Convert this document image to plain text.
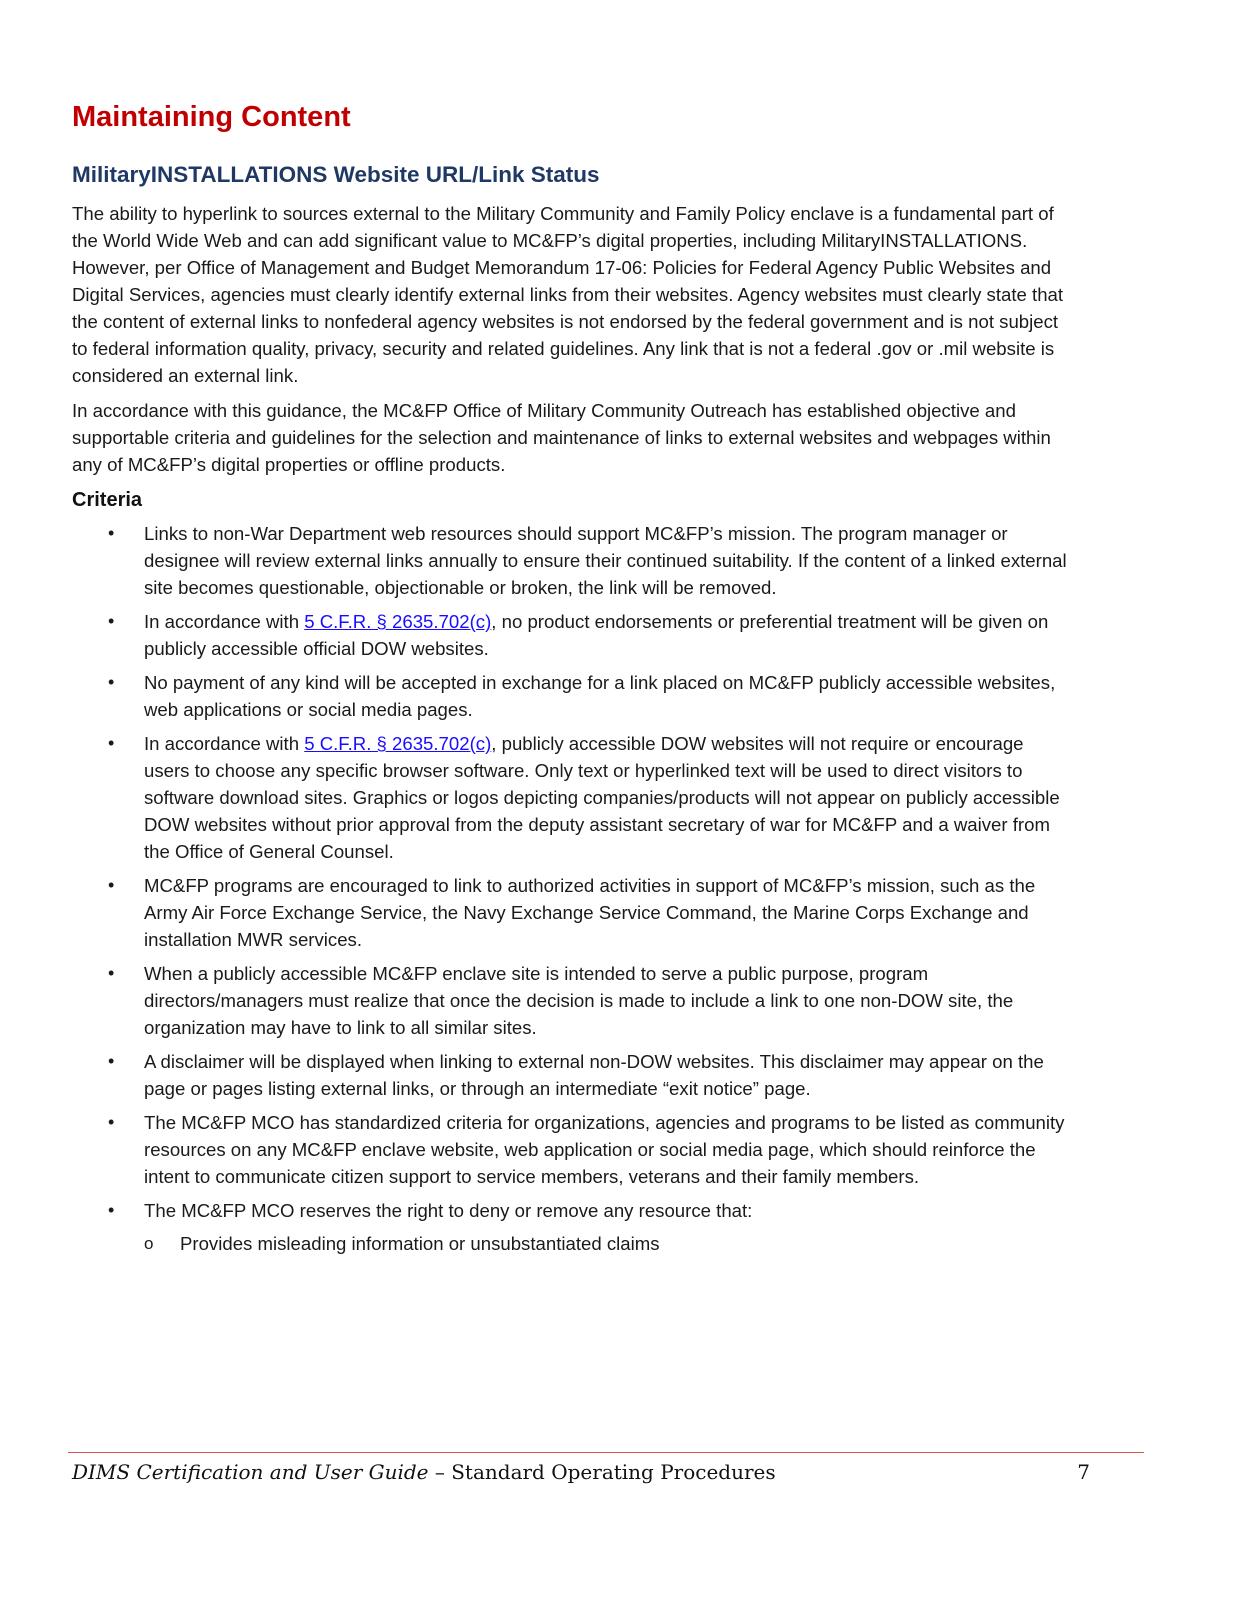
Maintaining Content
MilitaryINSTALLATIONS Website URL/Link Status

The ability to hyperlink to sources external to the Military Community and Family Policy enclave is a fundamental part of the World Wide Web and can add significant value to MC&FP’s digital properties, including MilitaryINSTALLATIONS. However, per Office of Management and Budget Memorandum 17-06: Policies for Federal Agency Public Websites and Digital Services, agencies must clearly identify external links from their websites. Agency websites must clearly state that the content of external links to nonfederal agency websites is not endorsed by the federal government and is not subject to federal information quality, privacy, security and related guidelines. Any link that is not a federal .gov or .mil website is considered an external link.

In accordance with this guidance, the MC&FP Office of Military Community Outreach has established objective and supportable criteria and guidelines for the selection and maintenance of links to external websites and webpages within any of MC&FP’s digital properties or offline products.

Criteria
• Links to non-War Department web resources should support MC&FP’s mission. The program manager or designee will review external links annually to ensure their continued suitability. If the content of a linked external site becomes questionable, objectionable or broken, the link will be removed.
• In accordance with 5 C.F.R. § 2635.702(c), no product endorsements or preferential treatment will be given on publicly accessible official DOW websites.
• No payment of any kind will be accepted in exchange for a link placed on MC&FP publicly accessible websites, web applications or social media pages.
• In accordance with 5 C.F.R. § 2635.702(c), publicly accessible DOW websites will not require or encourage users to choose any specific browser software. Only text or hyperlinked text will be used to direct visitors to software download sites. Graphics or logos depicting companies/products will not appear on publicly accessible DOW websites without prior approval from the deputy assistant secretary of war for MC&FP and a waiver from the Office of General Counsel.
• MC&FP programs are encouraged to link to authorized activities in support of MC&FP’s mission, such as the Army Air Force Exchange Service, the Navy Exchange Service Command, the Marine Corps Exchange and installation MWR services.
• When a publicly accessible MC&FP enclave site is intended to serve a public purpose, program directors/managers must realize that once the decision is made to include a link to one non-DOW site, the organization may have to link to all similar sites.
• A disclaimer will be displayed when linking to external non-DOW websites. This disclaimer may appear on the page or pages listing external links, or through an intermediate “exit notice” page.
• The MC&FP MCO has standardized criteria for organizations, agencies and programs to be listed as community resources on any MC&FP enclave website, web application or social media page, which should reinforce the intent to communicate citizen support to service members, veterans and their family members.
• The MC&FP MCO reserves the right to deny or remove any resource that:
o Provides misleading information or unsubstantiated claims
DIMS Certification and User Guide – Standard Operating Procedures	7
